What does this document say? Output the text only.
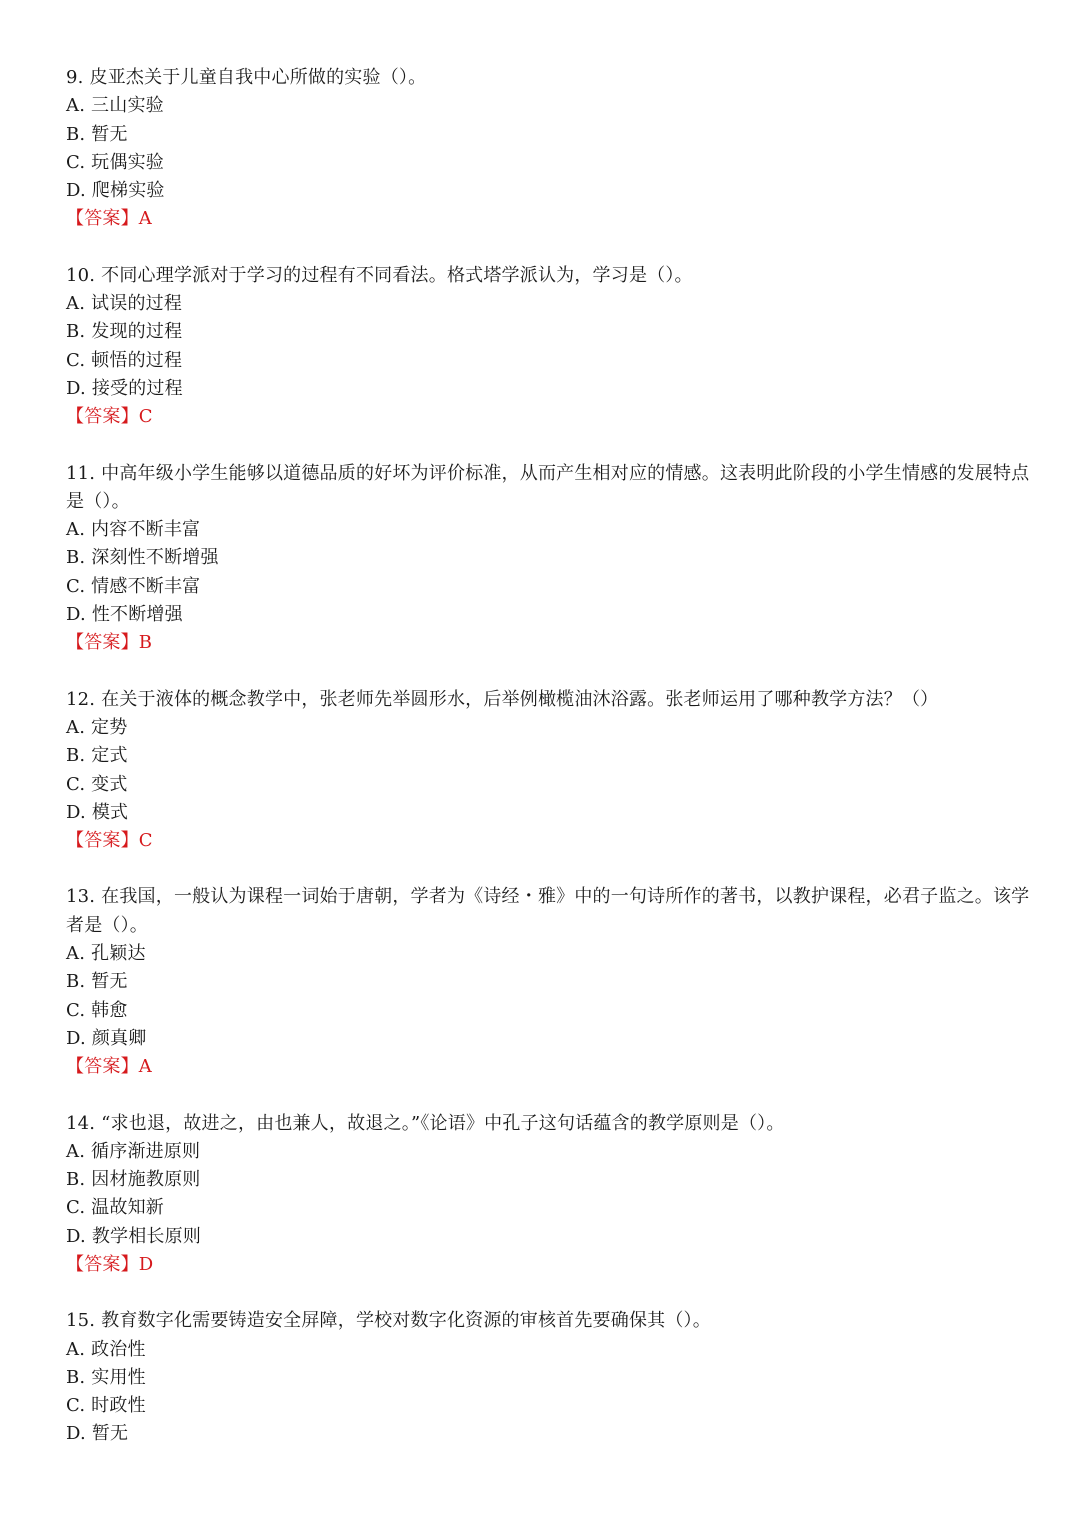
9. 皮亚杰关于儿童自我中心所做的实验（）。

A. 三山实验

B. 暂无

C. 玩偶实验

D. 爬梯实验

【答案】A

10. 不同心理学派对于学习的过程有不同看法。格式塔学派认为，学习是（）。

A. 试误的过程

B. 发现的过程

C. 顿悟的过程

D. 接受的过程

【答案】C

11. 中高年级小学生能够以道德品质的好坏为评价标准，从而产生相对应的情感。这表明此阶段的小学生情感的发展特点是（）。

A. 内容不断丰富

B. 深刻性不断增强

C. 情感不断丰富

D. 性不断增强

【答案】B

12. 在关于液体的概念教学中，张老师先举圆形水，后举例橄榄油沐浴露。张老师运用了哪种教学方法？（）

A. 定势

B. 定式

C. 变式

D. 模式

【答案】C

13. 在我国，一般认为课程一词始于唐朝，学者为《诗经・雅》中的一句诗所作的著书，以教护课程，必君子监之。该学者是（）。

A. 孔颖达

B. 暂无

C. 韩愈

D. 颜真卿

【答案】A

14. “求也退，故进之，由也兼人，故退之。”《论语》中孔子这句话蕴含的教学原则是（）。

A. 循序渐进原则

B. 因材施教原则

C. 温故知新

D. 教学相长原则

【答案】D

15. 教育数字化需要铸造安全屏障，学校对数字化资源的审核首先要确保其（）。

A. 政治性

B. 实用性

C. 时政性

D. 暂无
